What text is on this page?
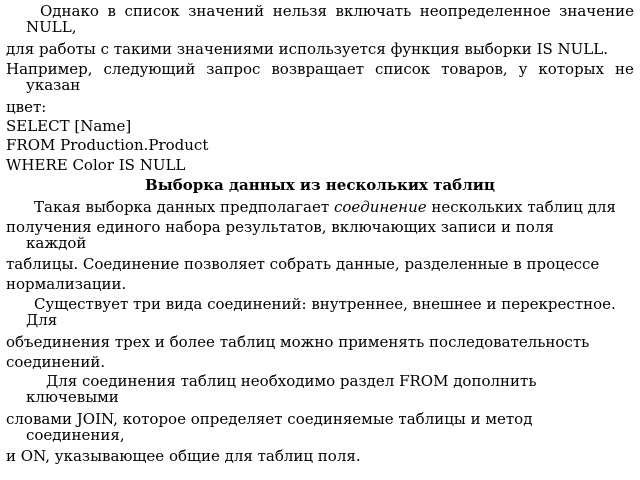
Однако в список значений нельзя включать неопределенное значение
NULL,
для работы с такими значениями используется функция выборки IS NULL.
Например, следующий запрос возвращает список товаров, у которых не
указан
цвет:
SELECT [Name]
FROM Production.Product
WHERE Color IS NULL
Выборка данных из нескольких таблиц
Такая выборка данных предполагает соединение нескольких таблиц для
получения единого набора результатов, включающих записи и поля
каждой
таблицы. Соединение позволяет собрать данные, разделенные в процессе
нормализации.
Существует три вида соединений: внутреннее, внешнее и перекрестное.
Для
объединения трех и более таблиц можно применять последовательность
соединений.
Для соединения таблиц необходимо раздел FROM дополнить
ключевыми
словами JOIN, которое определяет соединяемые таблицы и метод
соединения,
и ON, указывающее общие для таблиц поля.
